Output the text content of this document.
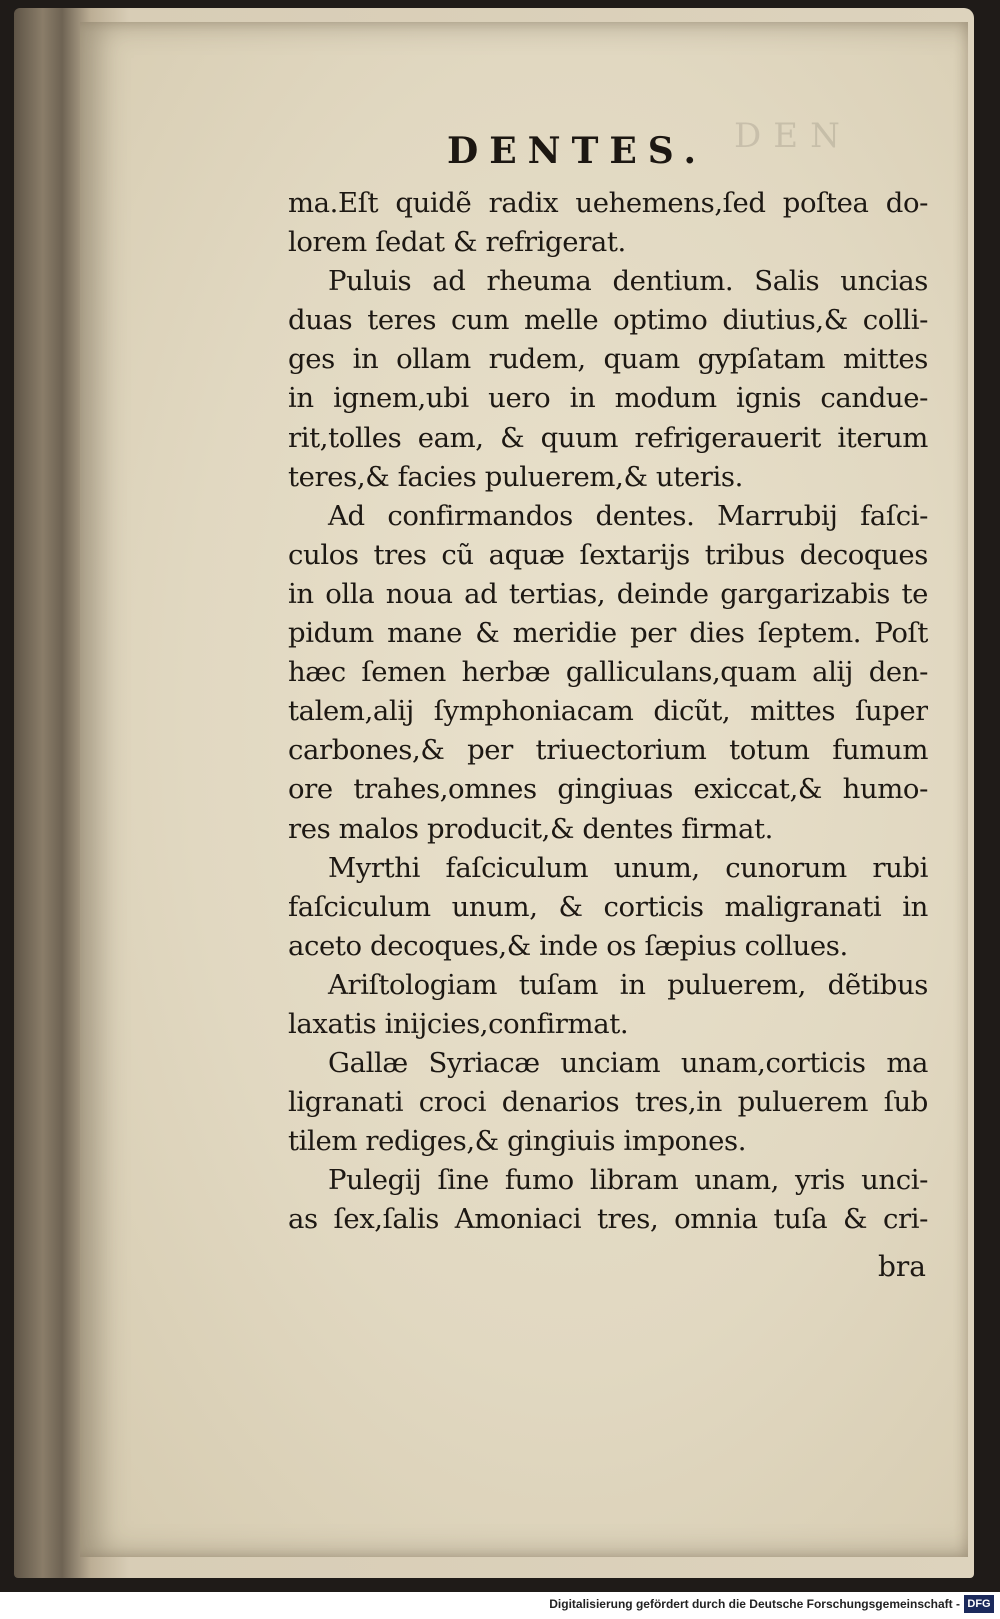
DEN
DENTES.
ma.Eſt quidẽ radix uehemens,ſed poſtea do-
lorem ſedat & refrigerat.
Puluis ad rheuma dentium. Salis uncias
duas teres cum melle optimo diutius,& colli-
ges in ollam rudem, quam gypſatam mittes
in ignem,ubi uero in modum ignis candue-
rit,tolles eam, & quum refrigerauerit iterum
teres,& facies puluerem,& uteris.
Ad confirmandos dentes. Marrubij faſci-
culos tres cũ aquæ ſextarijs tribus decoques
in olla noua ad tertias, deinde gargarizabis te
pidum mane & meridie per dies ſeptem. Poſt
hæc ſemen herbæ galliculans,quam alij den-
talem,alij ſymphoniacam dicũt, mittes ſuper
carbones,& per triuectorium totum fumum
ore trahes,omnes gingiuas exiccat,& humo-
res malos producit,& dentes firmat.
Myrthi faſciculum unum, cunorum rubi
faſciculum unum, & corticis maligranati in
aceto decoques,& inde os ſæpius collues.
Ariſtologiam tuſam in puluerem, dẽtibus
laxatis inijcies,confirmat.
Gallæ Syriacæ unciam unam,corticis ma
ligranati croci denarios tres,in puluerem ſub
tilem rediges,& gingiuis impones.
Pulegij ſine fumo libram unam, yris unci-
as ſex,ſalis Amoniaci tres, omnia tuſa & cri-
bra
Digitalisierung gefördert durch die Deutsche Forschungsgemeinschaft - DFG
